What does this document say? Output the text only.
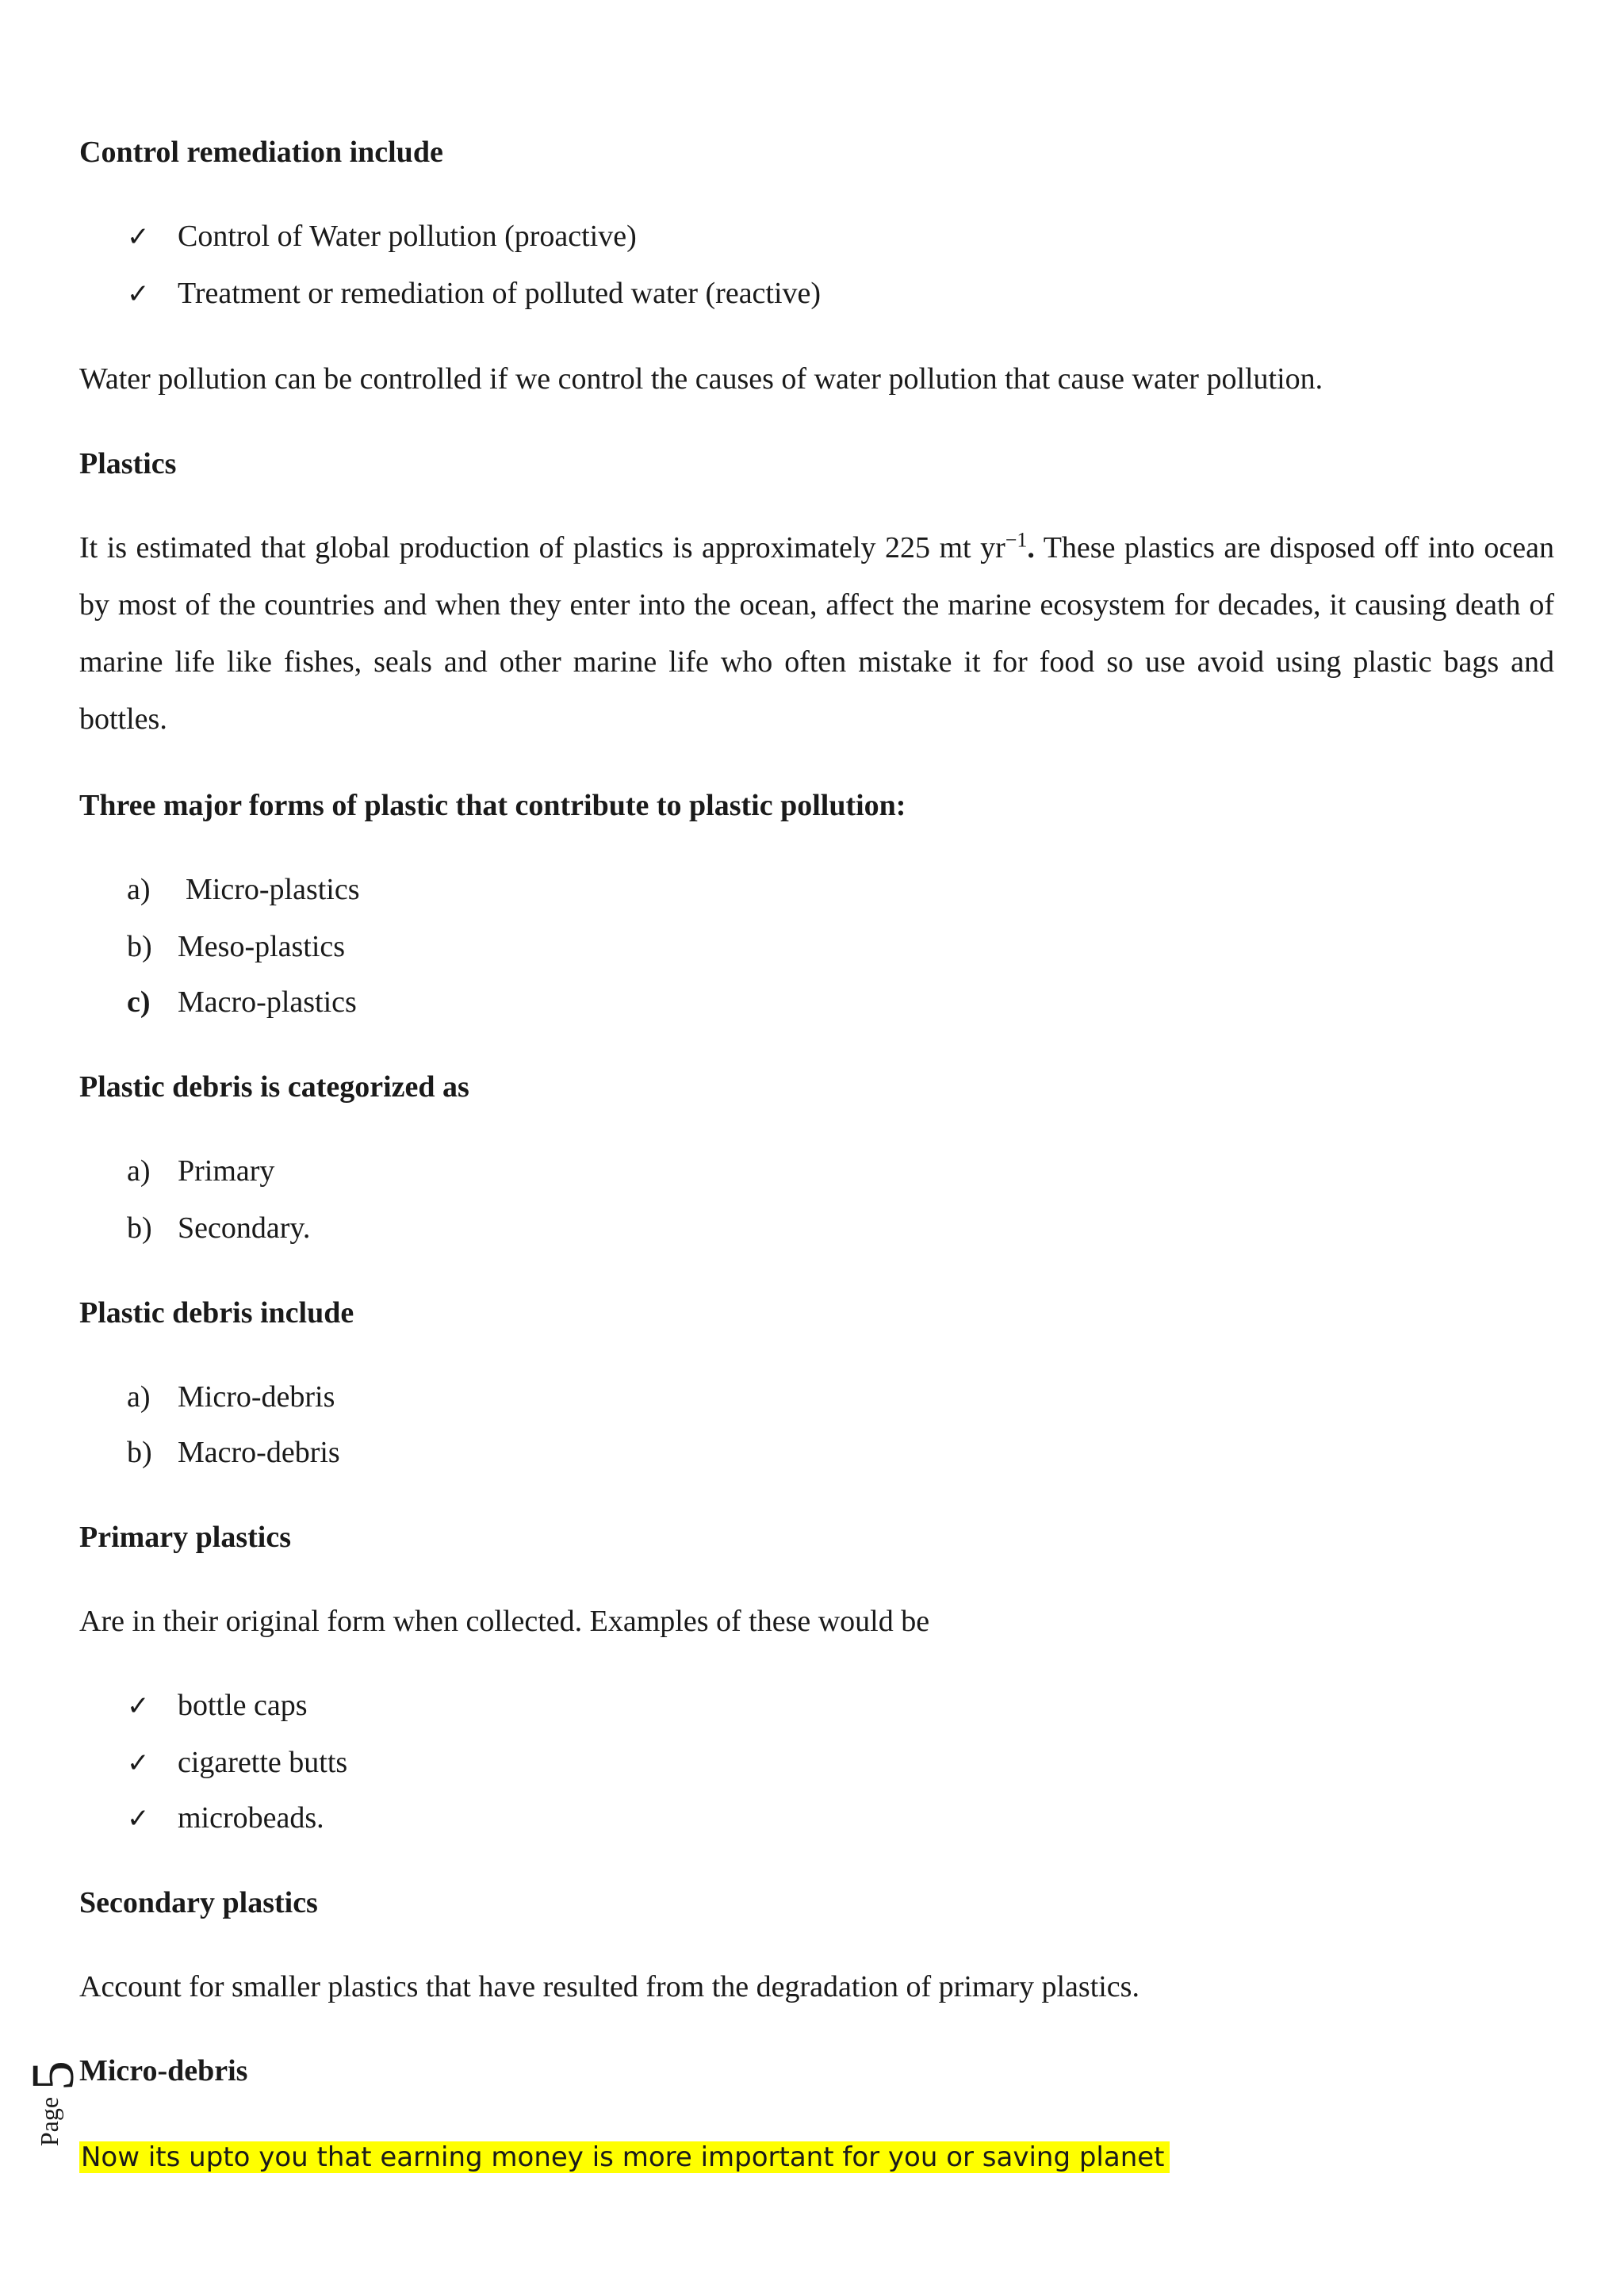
Control remediation include
✓ Control of Water pollution (proactive)
✓ Treatment or remediation of polluted water (reactive)

Water pollution can be controlled if we control the causes of water pollution that cause water pollution.

Plastics

It is estimated that global production of plastics is approximately 225 mt $yr^{-1}$. These plastics are disposed off into ocean by most of the countries and when they enter into the ocean, affect the marine ecosystem for decades, it causing death of marine life like fishes, seals and other marine life who often mistake it for food so use avoid using plastic bags and bottles.

Three major forms of plastic that contribute to plastic pollution:
a) Micro-plastics
b) Meso-plastics
c) Macro-plastics
Plastic debris is categorized as
a) Primary
b) Secondary.
Plastic debris include
a) Micro-debris
b) Macro-debris
Primary plastics

Are in their original form when collected. Examples of these would be

✓ bottle caps
✓ cigarette butts
✓ microbeads.
Secondary plastics

Account for smaller plastics that have resulted from the degradation of primary plastics.

5
Page
Micro-debris

Now its upto you that earning money is more important for you or saving planet
